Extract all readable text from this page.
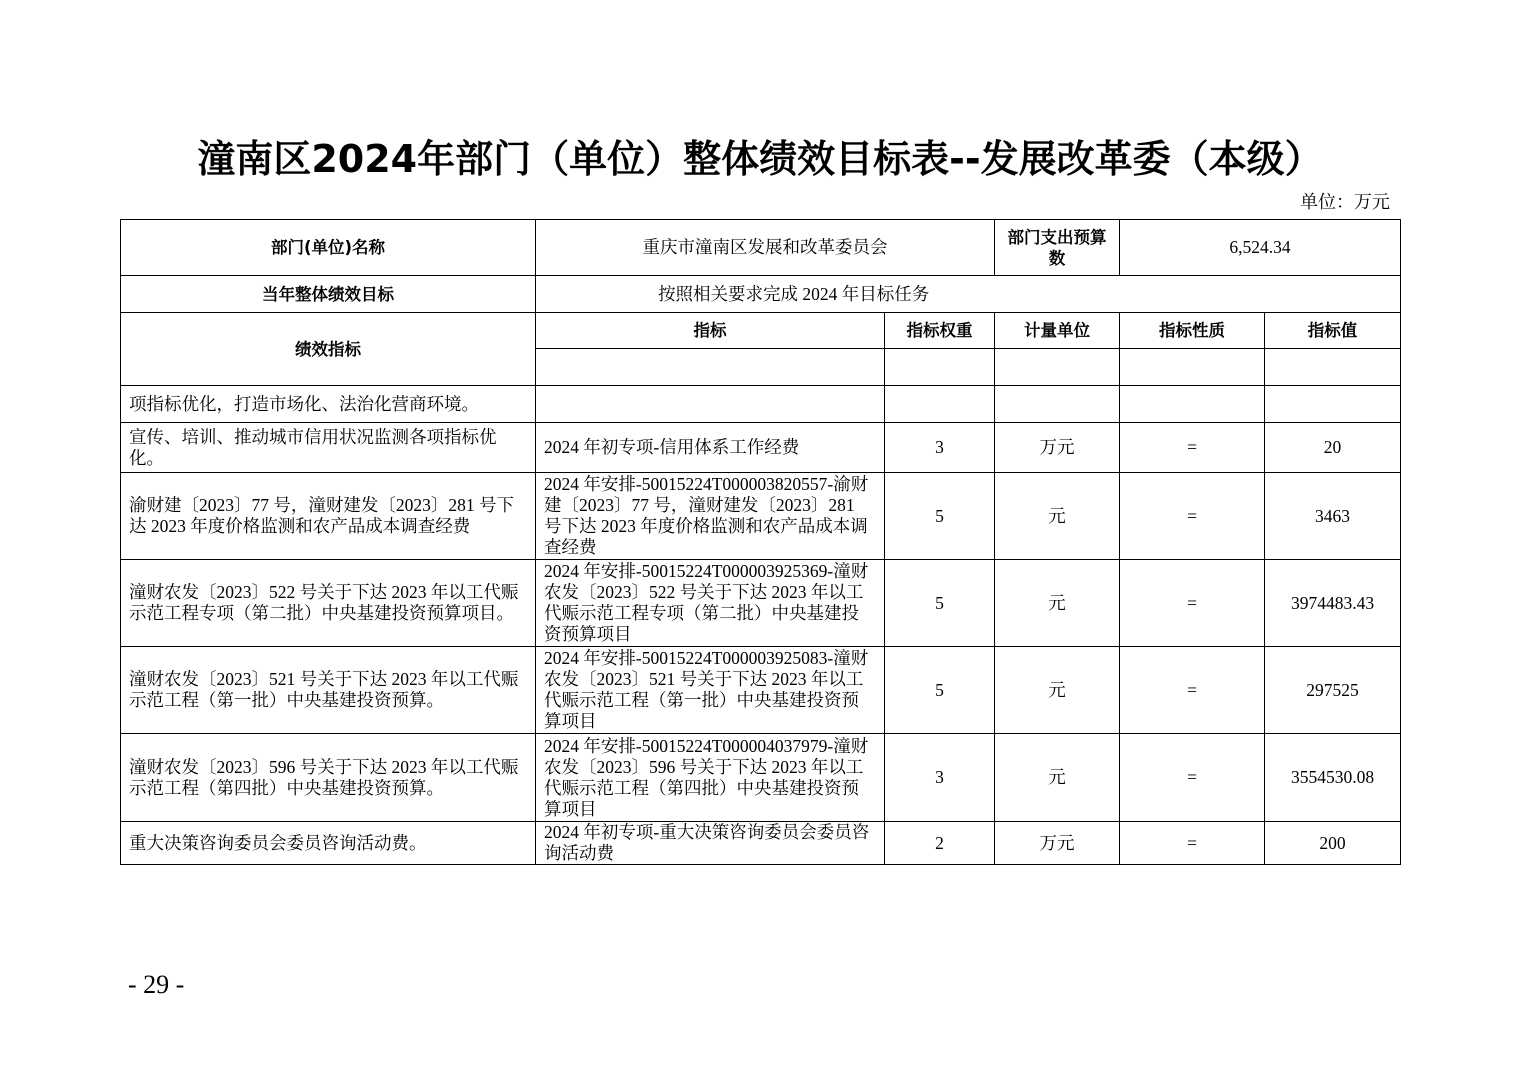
潼南区2024年部门（单位）整体绩效目标表--发展改革委（本级）
单位：万元
部门(单位)名称	重庆市潼南区发展和改革委员会		部门支出预算数	6,524.34	
当年整体绩效目标	按照相关要求完成 2024 年目标任务				
绩效指标	指标	指标权重	计量单位	指标性质	指标值

项指标优化，打造市场化、法治化营商环境。					
宣传、培训、推动城市信用状况监测各项指标优化。	2024 年初专项-信用体系工作经费	3	万元	=	20
渝财建〔2023〕77 号，潼财建发〔2023〕281 号下达 2023 年度价格监测和农产品成本调查经费	2024 年安排-50015224T000003820557-渝财建〔2023〕77 号，潼财建发〔2023〕281 号下达 2023 年度价格监测和农产品成本调查经费	5	元	=	3463
潼财农发〔2023〕522 号关于下达 2023 年以工代赈示范工程专项（第二批）中央基建投资预算项目。	2024 年安排-50015224T000003925369-潼财农发〔2023〕522 号关于下达 2023 年以工代赈示范工程专项（第二批）中央基建投资预算项目	5	元	=	3974483.43
潼财农发〔2023〕521 号关于下达 2023 年以工代赈示范工程（第一批）中央基建投资预算。	2024 年安排-50015224T000003925083-潼财农发〔2023〕521 号关于下达 2023 年以工代赈示范工程（第一批）中央基建投资预算项目	5	元	=	297525
潼财农发〔2023〕596 号关于下达 2023 年以工代赈示范工程（第四批）中央基建投资预算。	2024 年安排-50015224T000004037979-潼财农发〔2023〕596 号关于下达 2023 年以工代赈示范工程（第四批）中央基建投资预算项目	3	元	=	3554530.08
重大决策咨询委员会委员咨询活动费。	2024 年初专项-重大决策咨询委员会委员咨询活动费	2	万元	=	200
- 29 -
